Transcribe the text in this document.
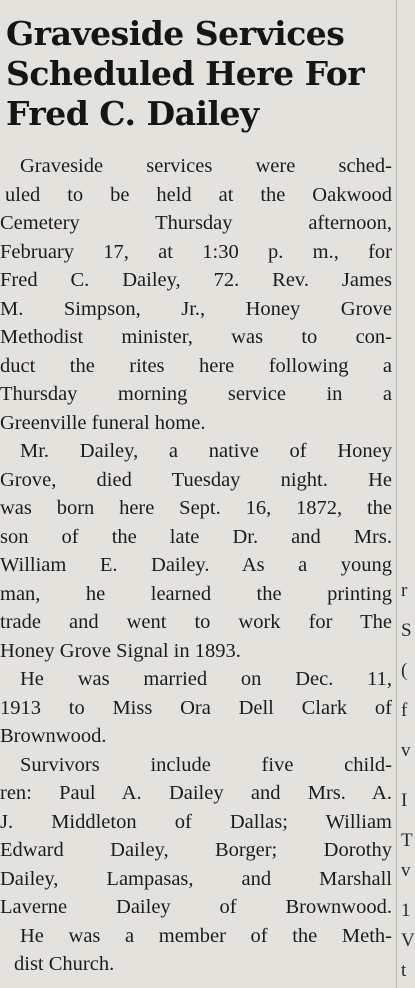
Graveside Services
Scheduled Here For
Fred C. Dailey
Graveside services were sched-
uled to be held at the Oakwood
Cemetery Thursday afternoon,
February 17, at 1:30 p. m., for
Fred C. Dailey, 72. Rev. James
M. Simpson, Jr., Honey Grove
Methodist minister, was to con-
duct the rites here following a
Thursday morning service in a
Greenville funeral home.
Mr. Dailey, a native of Honey
Grove, died Tuesday night. He
was born here Sept. 16, 1872, the
son of the late Dr. and Mrs.
William E. Dailey. As a young
man, he learned the printing
trade and went to work for The
Honey Grove Signal in 1893.
He was married on Dec. 11,
1913 to Miss Ora Dell Clark of
Brownwood.
Survivors include five child-
ren: Paul A. Dailey and Mrs. A.
J. Middleton of Dallas; William
Edward Dailey, Borger; Dorothy
Dailey, Lampasas, and Marshall
Laverne Dailey of Brownwood.
He was a member of the Meth-
dist Church.
r
S
(
f
v
I
T
v
1
V
t
